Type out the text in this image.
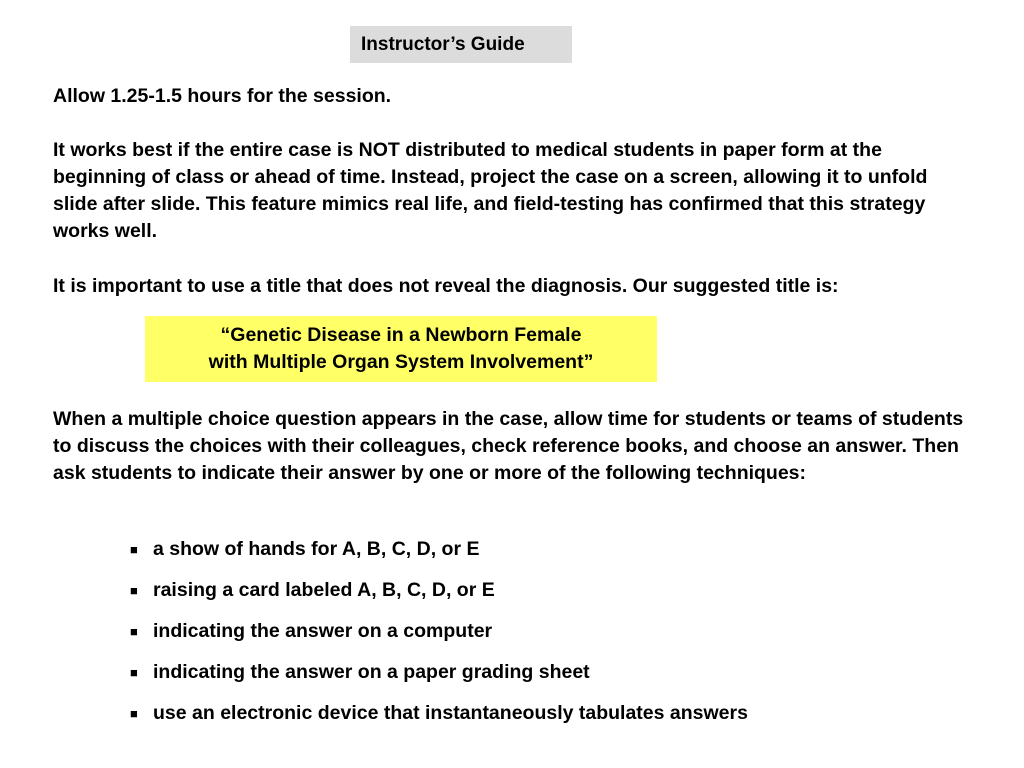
Instructor’s Guide

Allow 1.25-1.5 hours for the session.

It works best if the entire case is NOT distributed to medical students in paper form at the beginning of class or ahead of time. Instead, project the case on a screen, allowing it to unfold slide after slide. This feature mimics real life, and field-testing has confirmed that this strategy works well.

It is important to use a title that does not reveal the diagnosis. Our suggested title is:

“Genetic Disease in a Newborn Female
with Multiple Organ System Involvement”

When a multiple choice question appears in the case, allow time for students or teams of students to discuss the choices with their colleagues, check reference books, and choose an answer. Then ask students to indicate their answer by one or more of the following techniques:

■ a show of hands for A, B, C, D, or E
■ raising a card labeled A, B, C, D, or E
■ indicating the answer on a computer
■ indicating the answer on a paper grading sheet
■ use an electronic device that instantaneously tabulates answers
